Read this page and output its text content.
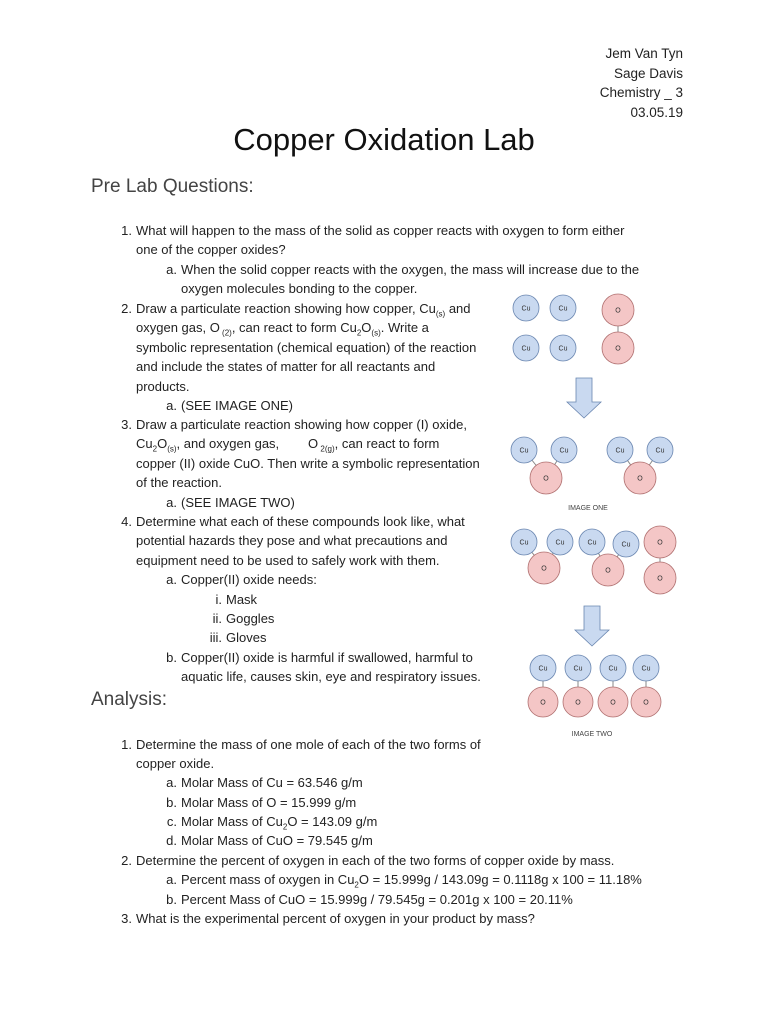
Jem Van Tyn
Sage Davis
Chemistry _ 3
03.05.19
Copper Oxidation Lab
Pre Lab Questions:
1. What will happen to the mass of the solid as copper reacts with oxygen to form either
one of the copper oxides?
a. When the solid copper reacts with the oxygen, the mass will increase due to the
oxygen molecules bonding to the copper.
2. Draw a particulate reaction showing how copper, $Cu_{(s)}$ and
oxygen gas, O $_{(2)}$, can react to form $Cu_2O_{(s)}$. Write a
symbolic representation (chemical equation) of the reaction
and include the states of matter for all reactants and
products.
a. (SEE IMAGE ONE)
3. Draw a particulate reaction showing how copper (I) oxide,
$Cu_2O_{(s)}$, and oxygen gas,        O $_{2(g)}$, can react to form
copper (II) oxide CuO. Then write a symbolic representation
of the reaction.
a. (SEE IMAGE TWO)
4. Determine what each of these compounds look like, what
potential hazards they pose and what precautions and
equipment need to be used to safely work with them.
a. Copper(II) oxide needs:
i. Mask
ii. Goggles
iii. Gloves
b. Copper(II) oxide is harmful if swallowed, harmful to
aquatic life, causes skin, eye and respiratory issues.
Analysis:
1. Determine the mass of one mole of each of the two forms of
copper oxide.
a. Molar Mass of Cu = 63.546 g/m
b. Molar Mass of O = 15.999 g/m
c. Molar Mass of $Cu_2O = 143.09$ g/m
d. Molar Mass of CuO = 79.545 g/m
2. Determine the percent of oxygen in each of the two forms of copper oxide by mass.
a. Percent mass of oxygen in $Cu_2O = 15.999g / 143.09g = 0.1118g$ x 100 = 11.18%
b. Percent Mass of CuO = 15.999g / 79.545g = 0.201g x 100 = 20.11%
3. What is the experimental percent of oxygen in your product by mass?
Cu	Cu
Cu	Cu
O
O
Cu	Cu
O
Cu	Cu
O
IMAGE ONE
Cu	Cu
O
Cu	Cu
O
O
O
Cu	Cu	Cu	Cu
O	O	O	O
IMAGE TWO
